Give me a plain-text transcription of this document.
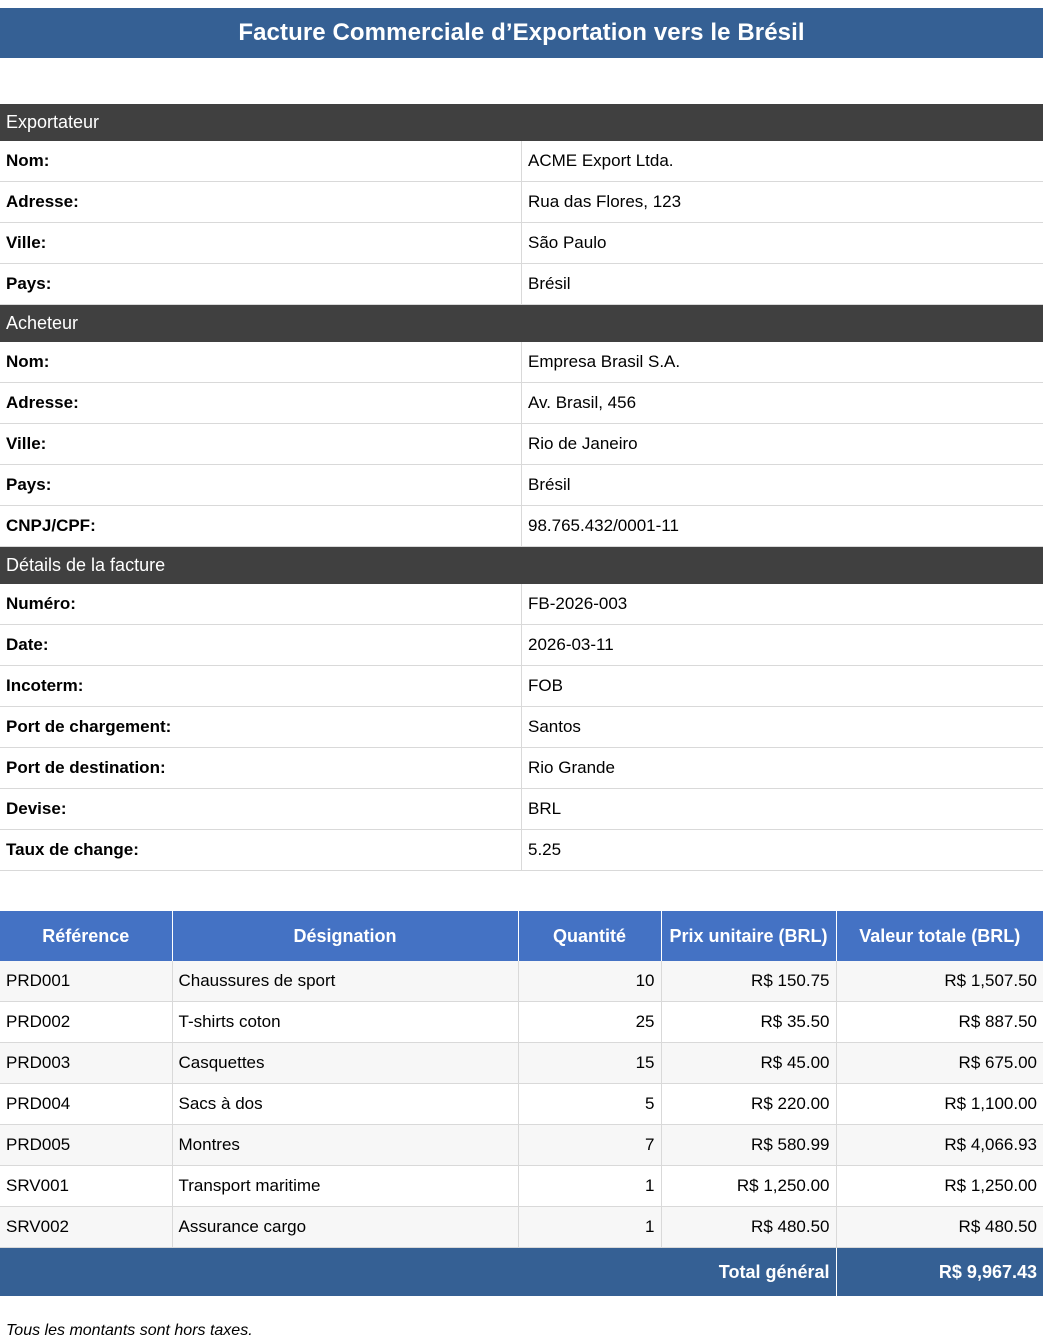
Facture Commerciale d’Exportation vers le Brésil
Exportateur	
Nom:	ACME Export Ltda.
Adresse:	Rua das Flores, 123
Ville:	São Paulo
Pays:	Brésil
Acheteur	
Nom:	Empresa Brasil S.A.
Adresse:	Av. Brasil, 456
Ville:	Rio de Janeiro
Pays:	Brésil
CNPJ/CPF:	98.765.432/0001-11
Détails de la facture	
Numéro:	FB-2026-003
Date:	2026-03-11
Incoterm:	FOB
Port de chargement:	Santos
Port de destination:	Rio Grande
Devise:	BRL
Taux de change:	5.25
Référence	Désignation	Quantité	Prix unitaire (BRL)	Valeur totale (BRL)
PRD001	Chaussures de sport	10	R$ 150.75	R$ 1,507.50
PRD002	T-shirts coton	25	R$ 35.50	R$ 887.50
PRD003	Casquettes	15	R$ 45.00	R$ 675.00
PRD004	Sacs à dos	5	R$ 220.00	R$ 1,100.00
PRD005	Montres	7	R$ 580.99	R$ 4,066.93
SRV001	Transport maritime	1	R$ 1,250.00	R$ 1,250.00
SRV002	Assurance cargo	1	R$ 480.50	R$ 480.50
Total général				R$ 9,967.43
Tous les montants sont hors taxes.
